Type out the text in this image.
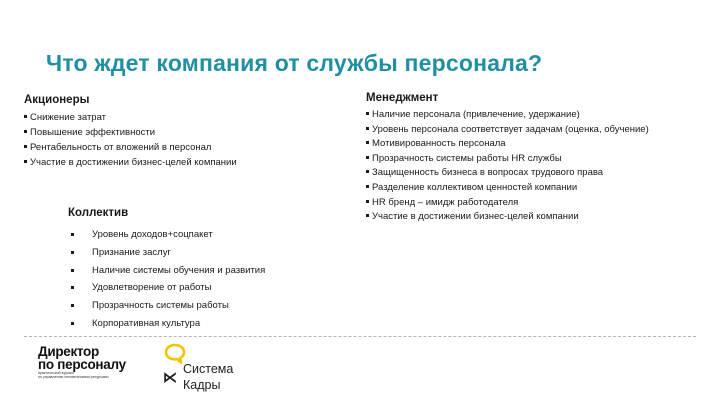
Что ждет компания от службы персонала?
Акционеры
Снижение затрат
Повышение эффективности
Рентабельность от вложений в персонал
Участие в достижении бизнес-целей компании
Менеджмент
Наличие персонала (привлечение, удержание)
Уровень персонала соответствует задачам (оценка, обучение)
Мотивированность персонала
Прозрачность системы работы HR службы
Защищенность бизнеса в вопросах трудового права
Разделение коллективом ценностей компании
HR бренд – имидж работодателя
Участие в достижении бизнес-целей компании
Коллектив
Уровень доходов+соцпакет
Признание заслуг
Наличие системы обучения и развития
Удовлетворение от работы
Прозрачность системы работы
Корпоративная культура
Директор
по персоналу
практический журнал
по управлению человеческими ресурсами	⋉ Система
Кадры
